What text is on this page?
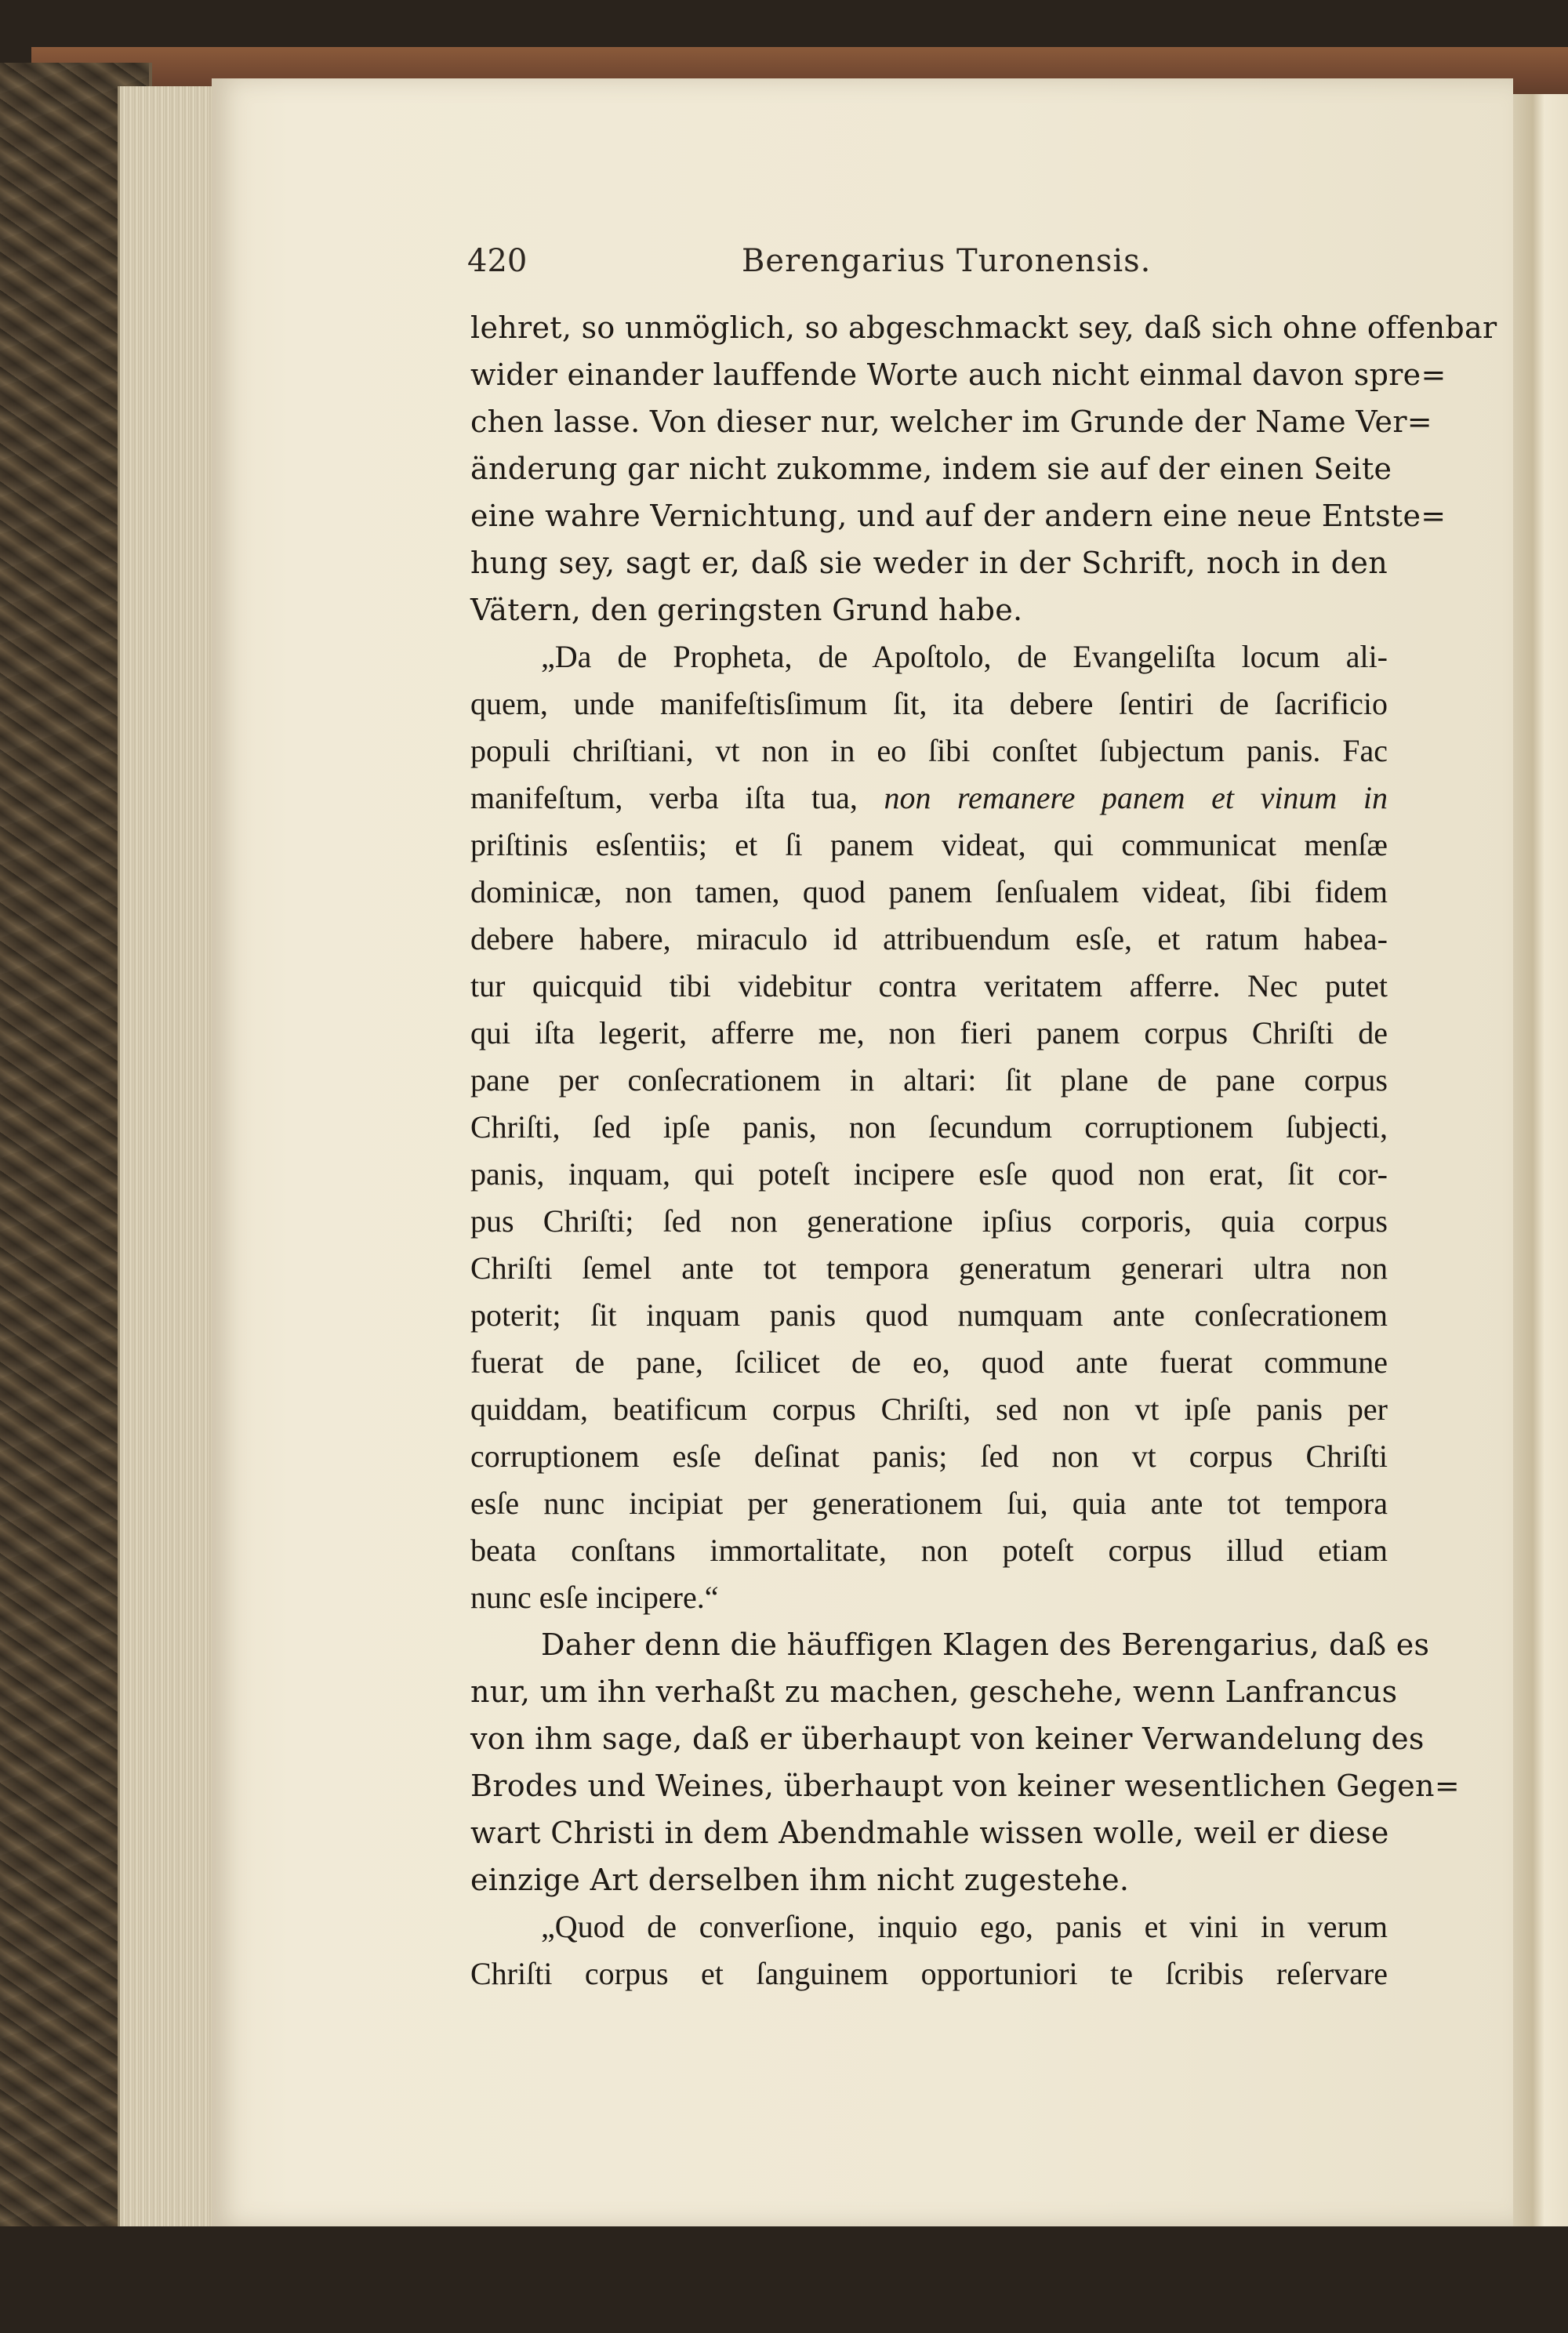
420	Berengarius Turonensis.
lehret, so unmöglich, so abgeschmackt sey, daß sich ohne offenbar
wider einander lauffende Worte auch nicht einmal davon spre=
chen lasse. Von dieser nur, welcher im Grunde der Name Ver=
änderung gar nicht zukomme, indem sie auf der einen Seite
eine wahre Vernichtung, und auf der andern eine neue Entste=
hung sey, sagt er, daß sie weder in der Schrift, noch in den
Vätern, den geringsten Grund habe.
„Da de Propheta, de Apoſtolo, de Evangeliſta locum ali-
quem, unde manifeſtisſimum ſit, ita debere ſentiri de ſacrificio
populi chriſtiani, vt non in eo ſibi conſtet ſubjectum panis. Fac
manifeſtum, verba iſta tua, non remanere panem et vinum in
priſtinis esſentiis; et ſi panem videat, qui communicat menſæ
dominicæ, non tamen, quod panem ſenſualem videat, ſibi fidem
debere habere, miraculo id attribuendum esſe, et ratum habea-
tur quicquid tibi videbitur contra veritatem afferre. Nec putet
qui iſta legerit, afferre me, non fieri panem corpus Chriſti de
pane per conſecrationem in altari: ſit plane de pane corpus
Chriſti, ſed ipſe panis, non ſecundum corruptionem ſubjecti,
panis, inquam, qui poteſt incipere esſe quod non erat, ſit cor-
pus Chriſti; ſed non generatione ipſius corporis, quia corpus
Chriſti ſemel ante tot tempora generatum generari ultra non
poterit; ſit inquam panis quod numquam ante conſecrationem
fuerat de pane, ſcilicet de eo, quod ante fuerat commune
quiddam, beatificum corpus Chriſti, sed non vt ipſe panis per
corruptionem esſe deſinat panis; ſed non vt corpus Chriſti
esſe nunc incipiat per generationem ſui, quia ante tot tempora
beata conſtans immortalitate, non poteſt corpus illud etiam
nunc esſe incipere.“
Daher denn die häuffigen Klagen des Berengarius, daß es
nur, um ihn verhaßt zu machen, geschehe, wenn Lanfrancus
von ihm sage, daß er überhaupt von keiner Verwandelung des
Brodes und Weines, überhaupt von keiner wesentlichen Gegen=
wart Christi in dem Abendmahle wissen wolle, weil er diese
einzige Art derselben ihm nicht zugestehe.
„Quod de converſione, inquio ego, panis et vini in verum
Chriſti corpus et ſanguinem opportuniori te ſcribis reſervare
